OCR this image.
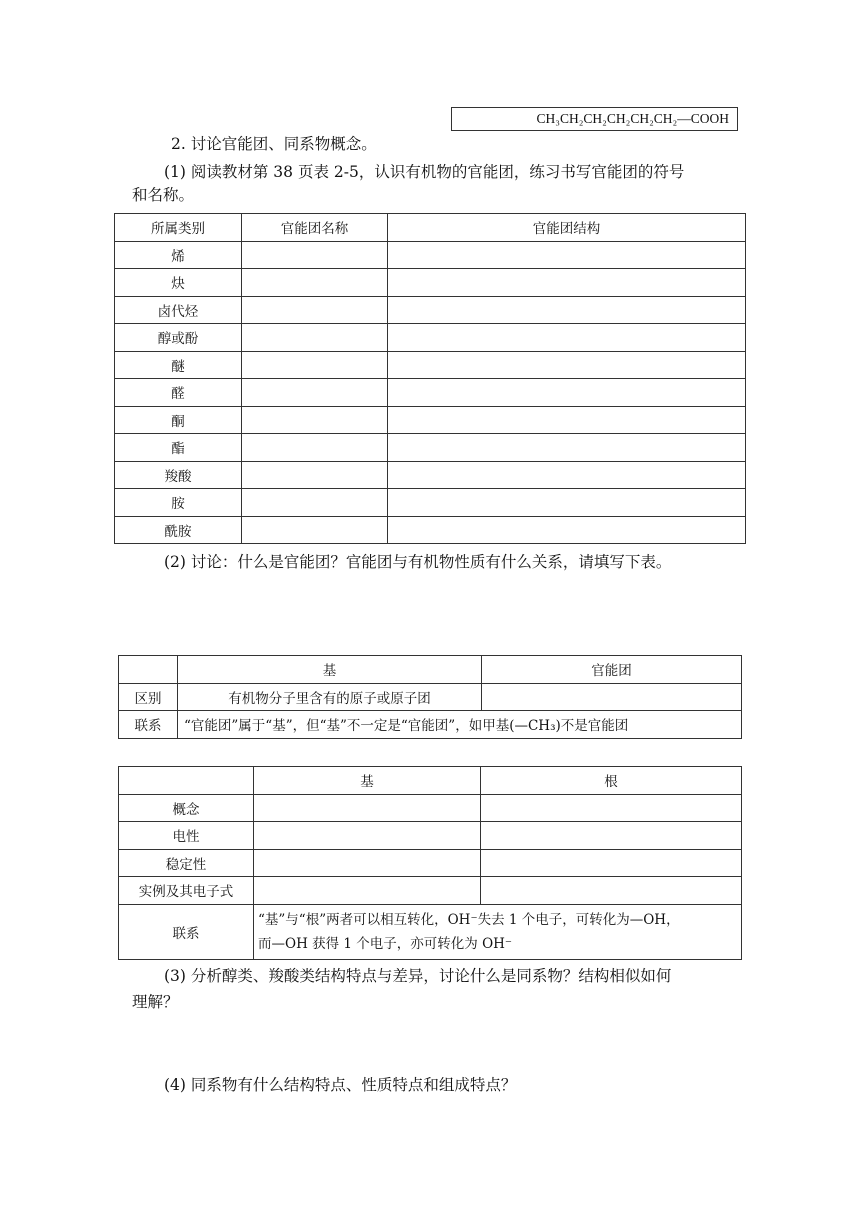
CH₃CH₂CH₂CH₂CH₂CH₂—COOH
2. 讨论官能团、同系物概念。
(1) 阅读教材第 38 页表 2-5，认识有机物的官能团，练习书写官能团的符号
和名称。
所属类别	官能团名称	官能团结构
烯		
炔		
卤代烃		
醇或酚		
醚		
醛		
酮		
酯		
羧酸		
胺		
酰胺		
(2) 讨论：什么是官能团？官能团与有机物性质有什么关系，请填写下表。
	基	官能团
区别	有机物分子里含有的原子或原子团	
联系	“官能团”属于“基”，但“基”不一定是“官能团”，如甲基(—CH₃)不是官能团	
	基	根
概念		
电性		
稳定性		
实例及其电子式		
联系	“基”与“根”两者可以相互转化，OH⁻失去 1 个电子，可转化为—OH，
而—OH 获得 1 个电子，亦可转化为 OH⁻	
(3) 分析醇类、羧酸类结构特点与差异，讨论什么是同系物？结构相似如何
理解？
(4) 同系物有什么结构特点、性质特点和组成特点？
